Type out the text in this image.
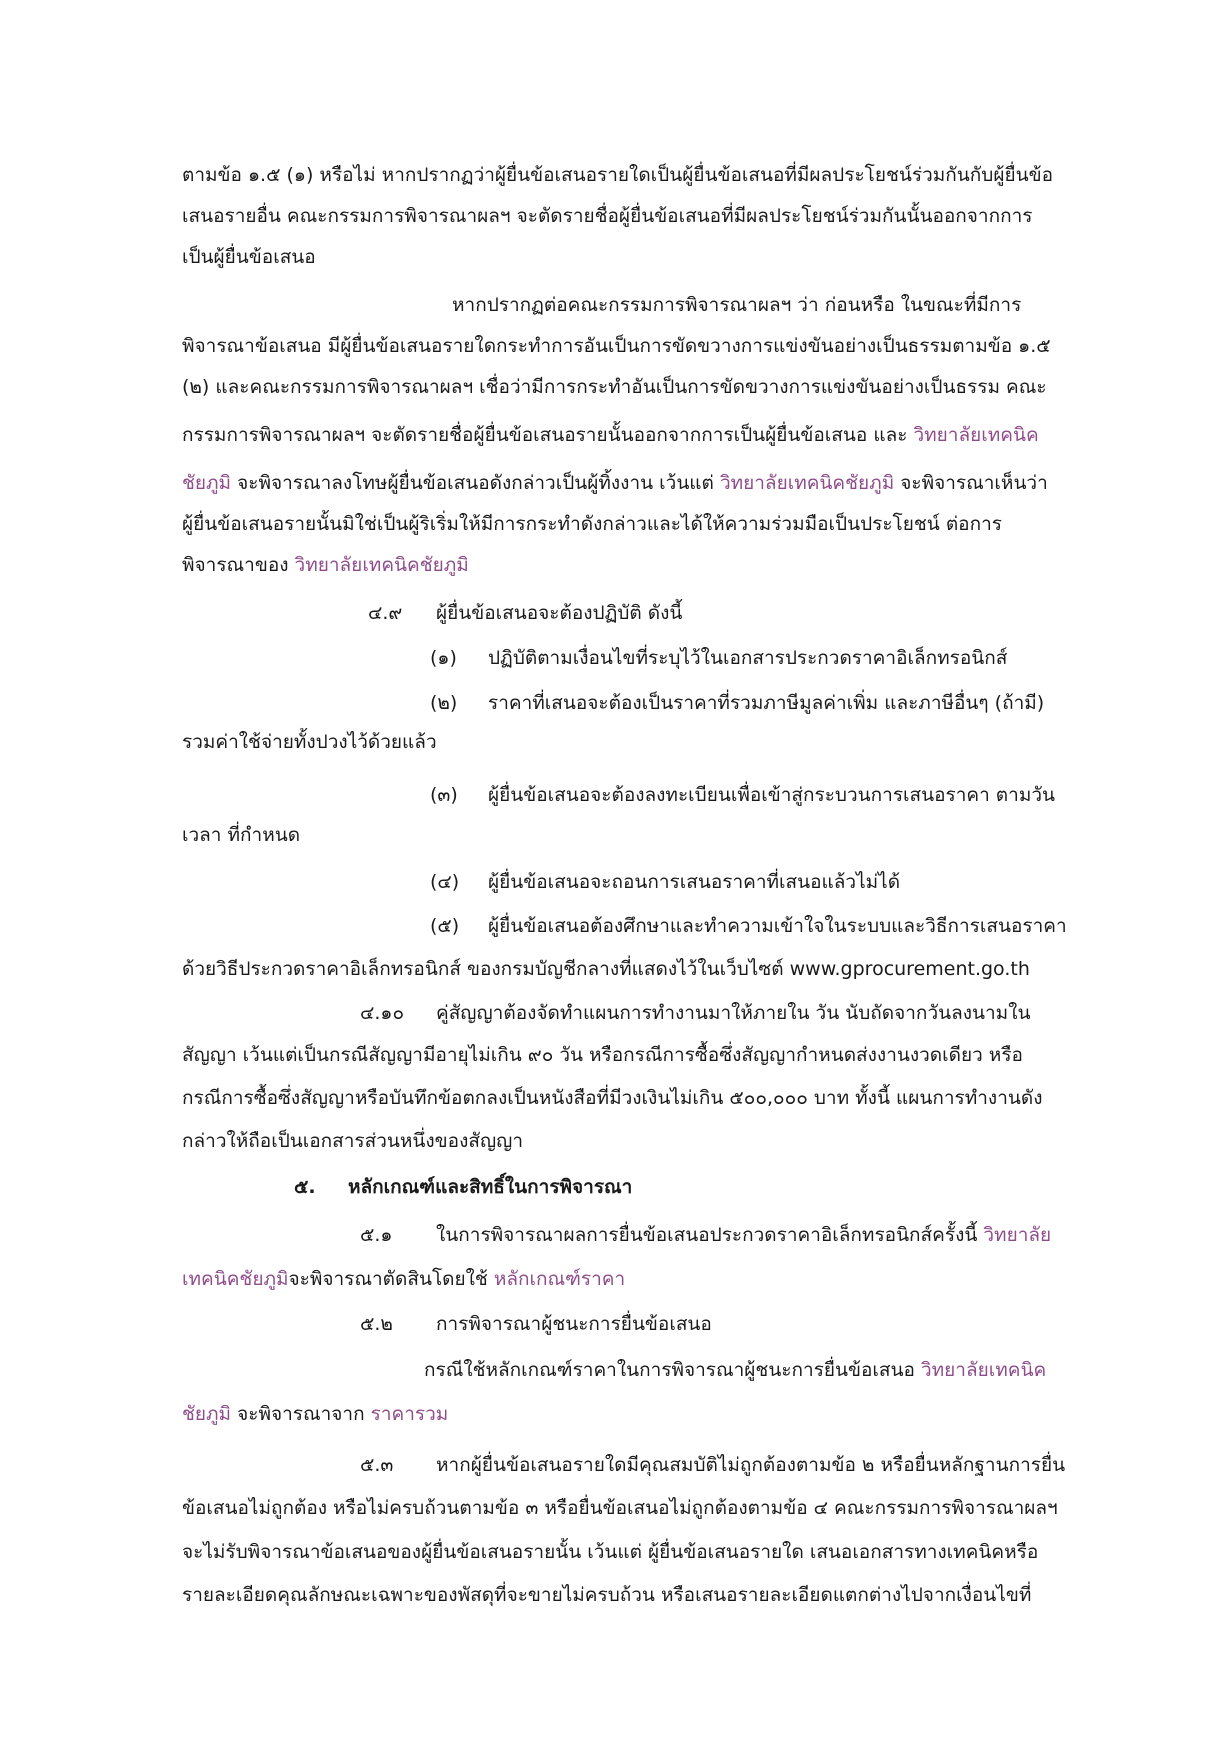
ตามข้อ ๑.๕ (๑) หรือไม่ หากปรากฏว่าผู้ยื่นข้อเสนอรายใดเป็นผู้ยื่นข้อเสนอที่มีผลประโยชน์ร่วมกันกับผู้ยื่นข้อ
เสนอรายอื่น คณะกรรมการพิจารณาผลฯ จะตัดรายชื่อผู้ยื่นข้อเสนอที่มีผลประโยชน์ร่วมกันนั้นออกจากการ
เป็นผู้ยื่นข้อเสนอ
หากปรากฏต่อคณะกรรมการพิจารณาผลฯ ว่า ก่อนหรือ ในขณะที่มีการ
พิจารณาข้อเสนอ มีผู้ยื่นข้อเสนอรายใดกระทำการอันเป็นการขัดขวางการแข่งขันอย่างเป็นธรรมตามข้อ ๑.๕
(๒) และคณะกรรมการพิจารณาผลฯ เชื่อว่ามีการกระทำอันเป็นการขัดขวางการแข่งขันอย่างเป็นธรรม คณะ
กรรมการพิจารณาผลฯ จะตัดรายชื่อผู้ยื่นข้อเสนอรายนั้นออกจากการเป็นผู้ยื่นข้อเสนอ และ วิทยาลัยเทคนิค
ชัยภูมิ จะพิจารณาลงโทษผู้ยื่นข้อเสนอดังกล่าวเป็นผู้ทิ้งงาน เว้นแต่ วิทยาลัยเทคนิคชัยภูมิ จะพิจารณาเห็นว่า
ผู้ยื่นข้อเสนอรายนั้นมิใช่เป็นผู้ริเริ่มให้มีการกระทำดังกล่าวและได้ให้ความร่วมมือเป็นประโยชน์ ต่อการ
พิจารณาของ วิทยาลัยเทคนิคชัยภูมิ
๔.๙ ผู้ยื่นข้อเสนอจะต้องปฏิบัติ ดังนี้
(๑) ปฏิบัติตามเงื่อนไขที่ระบุไว้ในเอกสารประกวดราคาอิเล็กทรอนิกส์
(๒) ราคาที่เสนอจะต้องเป็นราคาที่รวมภาษีมูลค่าเพิ่ม และภาษีอื่นๆ (ถ้ามี)
รวมค่าใช้จ่ายทั้งปวงไว้ด้วยแล้ว
(๓) ผู้ยื่นข้อเสนอจะต้องลงทะเบียนเพื่อเข้าสู่กระบวนการเสนอราคา ตามวัน
เวลา ที่กำหนด
(๔) ผู้ยื่นข้อเสนอจะถอนการเสนอราคาที่เสนอแล้วไม่ได้
(๕) ผู้ยื่นข้อเสนอต้องศึกษาและทำความเข้าใจในระบบและวิธีการเสนอราคา
ด้วยวิธีประกวดราคาอิเล็กทรอนิกส์ ของกรมบัญชีกลางที่แสดงไว้ในเว็บไซต์ www.gprocurement.go.th
๔.๑๐ คู่สัญญาต้องจัดทำแผนการทำงานมาให้ภายใน วัน นับถัดจากวันลงนามใน
สัญญา เว้นแต่เป็นกรณีสัญญามีอายุไม่เกิน ๙๐ วัน หรือกรณีการซื้อซึ่งสัญญากำหนดส่งงานงวดเดียว หรือ
กรณีการซื้อซึ่งสัญญาหรือบันทึกข้อตกลงเป็นหนังสือที่มีวงเงินไม่เกิน ๕๐๐,๐๐๐ บาท ทั้งนี้ แผนการทำงานดัง
กล่าวให้ถือเป็นเอกสารส่วนหนึ่งของสัญญา
๕. หลักเกณฑ์และสิทธิ์ในการพิจารณา
๕.๑ ในการพิจารณาผลการยื่นข้อเสนอประกวดราคาอิเล็กทรอนิกส์ครั้งนี้ วิทยาลัย
เทคนิคชัยภูมิจะพิจารณาตัดสินโดยใช้ หลักเกณฑ์ราคา
๕.๒ การพิจารณาผู้ชนะการยื่นข้อเสนอ
กรณีใช้หลักเกณฑ์ราคาในการพิจารณาผู้ชนะการยื่นข้อเสนอ วิทยาลัยเทคนิค
ชัยภูมิ จะพิจารณาจาก ราคารวม
๕.๓ หากผู้ยื่นข้อเสนอรายใดมีคุณสมบัติไม่ถูกต้องตามข้อ ๒ หรือยื่นหลักฐานการยื่น
ข้อเสนอไม่ถูกต้อง หรือไม่ครบถ้วนตามข้อ ๓ หรือยื่นข้อเสนอไม่ถูกต้องตามข้อ ๔ คณะกรรมการพิจารณาผลฯ
จะไม่รับพิจารณาข้อเสนอของผู้ยื่นข้อเสนอรายนั้น เว้นแต่ ผู้ยื่นข้อเสนอรายใด เสนอเอกสารทางเทคนิคหรือ
รายละเอียดคุณลักษณะเฉพาะของพัสดุที่จะขายไม่ครบถ้วน หรือเสนอรายละเอียดแตกต่างไปจากเงื่อนไขที่
